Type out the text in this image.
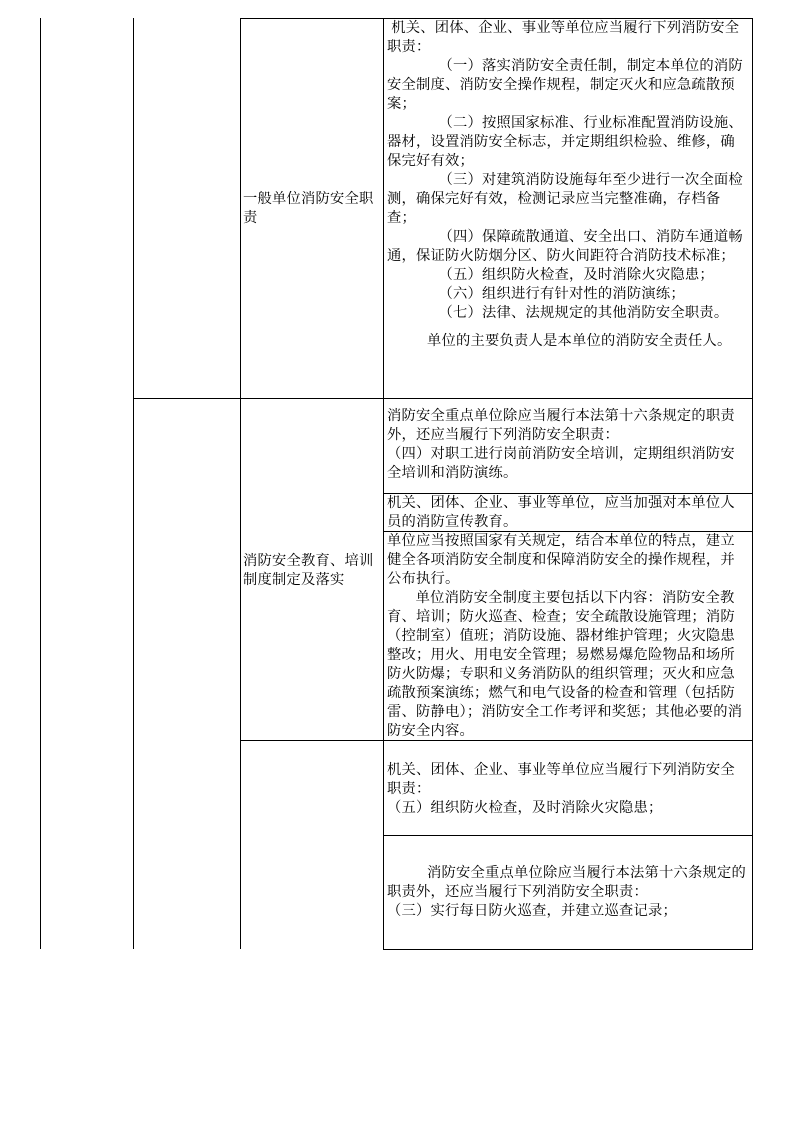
一般单位消防安全职责
机关、团体、企业、事业等单位应当履行下列消防安全职责：
（一）落实消防安全责任制，制定本单位的消防安全制度、消防安全操作规程，制定灭火和应急疏散预案；
（二）按照国家标准、行业标准配置消防设施、器材，设置消防安全标志，并定期组织检验、维修，确保完好有效；
（三）对建筑消防设施每年至少进行一次全面检测，确保完好有效，检测记录应当完整准确，存档备查；
（四）保障疏散通道、安全出口、消防车通道畅通，保证防火防烟分区、防火间距符合消防技术标准；
（五）组织防火检查，及时消除火灾隐患；
（六）组织进行有针对性的消防演练；
（七）法律、法规规定的其他消防安全职责。
单位的主要负责人是本单位的消防安全责任人。
消防安全教育、培训制度制定及落实
消防安全重点单位除应当履行本法第十六条规定的职责外，还应当履行下列消防安全职责：
（四）对职工进行岗前消防安全培训，定期组织消防安全培训和消防演练。
机关、团体、企业、事业等单位，应当加强对本单位人员的消防宣传教育。
单位应当按照国家有关规定，结合本单位的特点，建立健全各项消防安全制度和保障消防安全的操作规程，并公布执行。
单位消防安全制度主要包括以下内容：消防安全教育、培训；防火巡查、检查；安全疏散设施管理；消防（控制室）值班；消防设施、器材维护管理；火灾隐患整改；用火、用电安全管理；易燃易爆危险物品和场所防火防爆；专职和义务消防队的组织管理；灭火和应急疏散预案演练；燃气和电气设备的检查和管理（包括防雷、防静电）；消防安全工作考评和奖惩；其他必要的消防安全内容。
机关、团体、企业、事业等单位应当履行下列消防安全职责：
（五）组织防火检查，及时消除火灾隐患；
消防安全重点单位除应当履行本法第十六条规定的职责外，还应当履行下列消防安全职责：
（三）实行每日防火巡查，并建立巡查记录；
